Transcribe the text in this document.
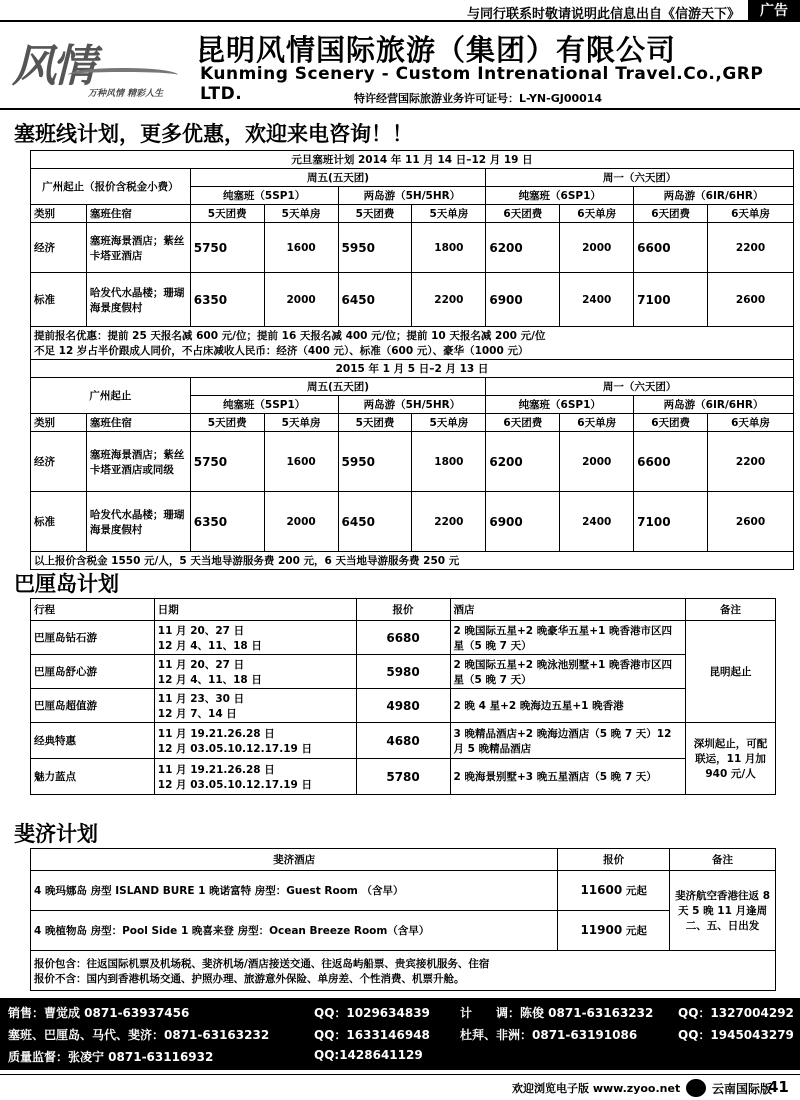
与同行联系时敬请说明此信息出自《信游天下》	广告
风情
万种风情 精彩人生
昆明风情国际旅游（集团）有限公司
Kunming Scenery - Custom Intrenational Travel.Co.,GRP LTD.	特许经营国际旅游业务许可证号：L-YN-GJ00014
塞班线计划，更多优惠，欢迎来电咨询！！
元旦塞班计划 2014 年 11 月 14 日–12 月 19 日									
广州起止（报价含税金小费）		周五(五天团)				周一（六天团）			
		纯塞班（5SP1）		两岛游（5H/5HR）		纯塞班（6SP1）		两岛游（6IR/6HR）	
类别	塞班住宿	5天团费	5天单房	5天团费	5天单房	6天团费	6天单房	6天团费	6天单房
经济	塞班海景酒店；紫丝卡塔亚酒店	5750	1600	5950	1800	6200	2000	6600	2200
标准	哈发代水晶楼；珊瑚海景度假村	6350	2000	6450	2200	6900	2400	7100	2600

提前报名优惠：提前 25 天报名减 600 元/位；提前 16 天报名减 400 元/位；提前 10 天报名减 200 元/位
不足 12 岁占半价跟成人同价，不占床减收人民币：经济（400 元）、标准（600 元）、豪华（1000 元）									

2015 年 1 月 5 日–2 月 13 日									
广州起止		周五(五天团)				周一（六天团）			
		纯塞班（5SP1）		两岛游（5H/5HR）		纯塞班（6SP1）		两岛游（6IR/6HR）	
类别	塞班住宿	5天团费	5天单房	5天团费	5天单房	6天团费	6天单房	6天团费	6天单房
经济	塞班海景酒店；紫丝卡塔亚酒店或同级	5750	1600	5950	1800	6200	2000	6600	2200
标准	哈发代水晶楼；珊瑚海景度假村	6350	2000	6450	2200	6900	2400	7100	2600
以上报价含税金 1550 元/人，5 天当地导游服务费 200 元，6 天当地导游服务费 250 元									
巴厘岛计划
行程	日期	报价	酒店	备注
巴厘岛钻石游	11 月 20、27 日
12 月 4、11、18 日	6680	2 晚国际五星+2 晚豪华五星+1 晚香港市区四星（5 晚 7 天）	昆明起止
巴厘岛舒心游	11 月 20、27 日
12 月 4、11、18 日	5980	2 晚国际五星+2 晚泳池别墅+1 晚香港市区四星（5 晚 7 天）	
巴厘岛超值游	11 月 23、30 日
12 月 7、14 日	4980	2 晚 4 星+2 晚海边五星+1 晚香港	
经典特惠	11 月 19.21.26.28 日
12 月 03.05.10.12.17.19 日	4680	3 晚精品酒店+2 晚海边酒店（5 晚 7 天）12 月 5 晚精品酒店	深圳起止，可配联运，11 月加 940 元/人
魅力蓝点	11 月 19.21.26.28 日
12 月 03.05.10.12.17.19 日	5780	2 晚海景别墅+3 晚五星酒店（5 晚 7 天）	
斐济计划
斐济酒店	报价	备注
4 晚玛娜岛 房型 ISLAND BURE 1 晚诺富特 房型：Guest Room （含早）	11600 元起	斐济航空香港往返 8 天 5 晚 11 月逢周二、五、日出发
4 晚植物岛 房型：Pool Side 1 晚喜来登 房型：Ocean Breeze Room（含早）	11900 元起	

报价包含：往返国际机票及机场税、斐济机场/酒店接送交通、往返岛屿船票、贵宾接机服务、住宿
报价不含：国内到香港机场交通、护照办理、旅游意外保险、单房差、个性消费、机票升舱。		
销售：曹觉成 0871-63937456	QQ：1029634839	计　　调：陈俊 0871-63163232 QQ：1327004292
塞班、巴厘岛、马代、斐济：0871-63163232	QQ：1633146948	杜拜、非洲：0871-63191086	QQ：1945043279
质量监督：张凌宁 0871-63116932	QQ:1428641129
欢迎浏览电子版 www.zyoo.net	云南国际版
41
